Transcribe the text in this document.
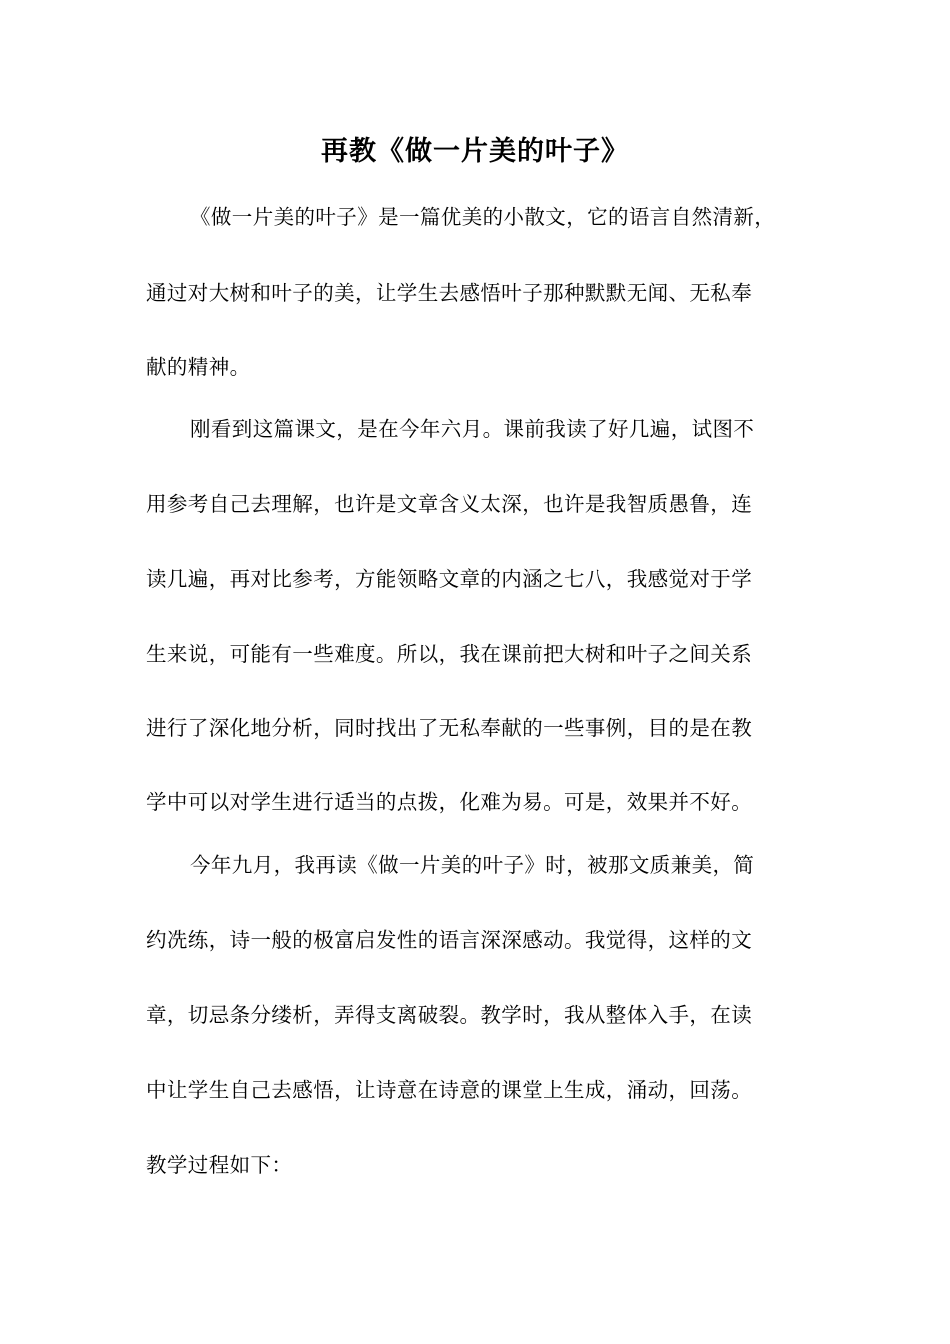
再教《做一片美的叶子》
《做一片美的叶子》是一篇优美的小散文，它的语言自然清新，
通过对大树和叶子的美，让学生去感悟叶子那种默默无闻、无私奉
献的精神。
刚看到这篇课文，是在今年六月。课前我读了好几遍，试图不
用参考自己去理解，也许是文章含义太深，也许是我智质愚鲁，连
读几遍，再对比参考，方能领略文章的内涵之七八，我感觉对于学
生来说，可能有一些难度。所以，我在课前把大树和叶子之间关系
进行了深化地分析，同时找出了无私奉献的一些事例，目的是在教
学中可以对学生进行适当的点拨，化难为易。可是，效果并不好。
今年九月，我再读《做一片美的叶子》时，被那文质兼美，简
约冼练，诗一般的极富启发性的语言深深感动。我觉得，这样的文
章，切忌条分缕析，弄得支离破裂。教学时，我从整体入手，在读
中让学生自己去感悟，让诗意在诗意的课堂上生成，涌动，回荡。
教学过程如下：
